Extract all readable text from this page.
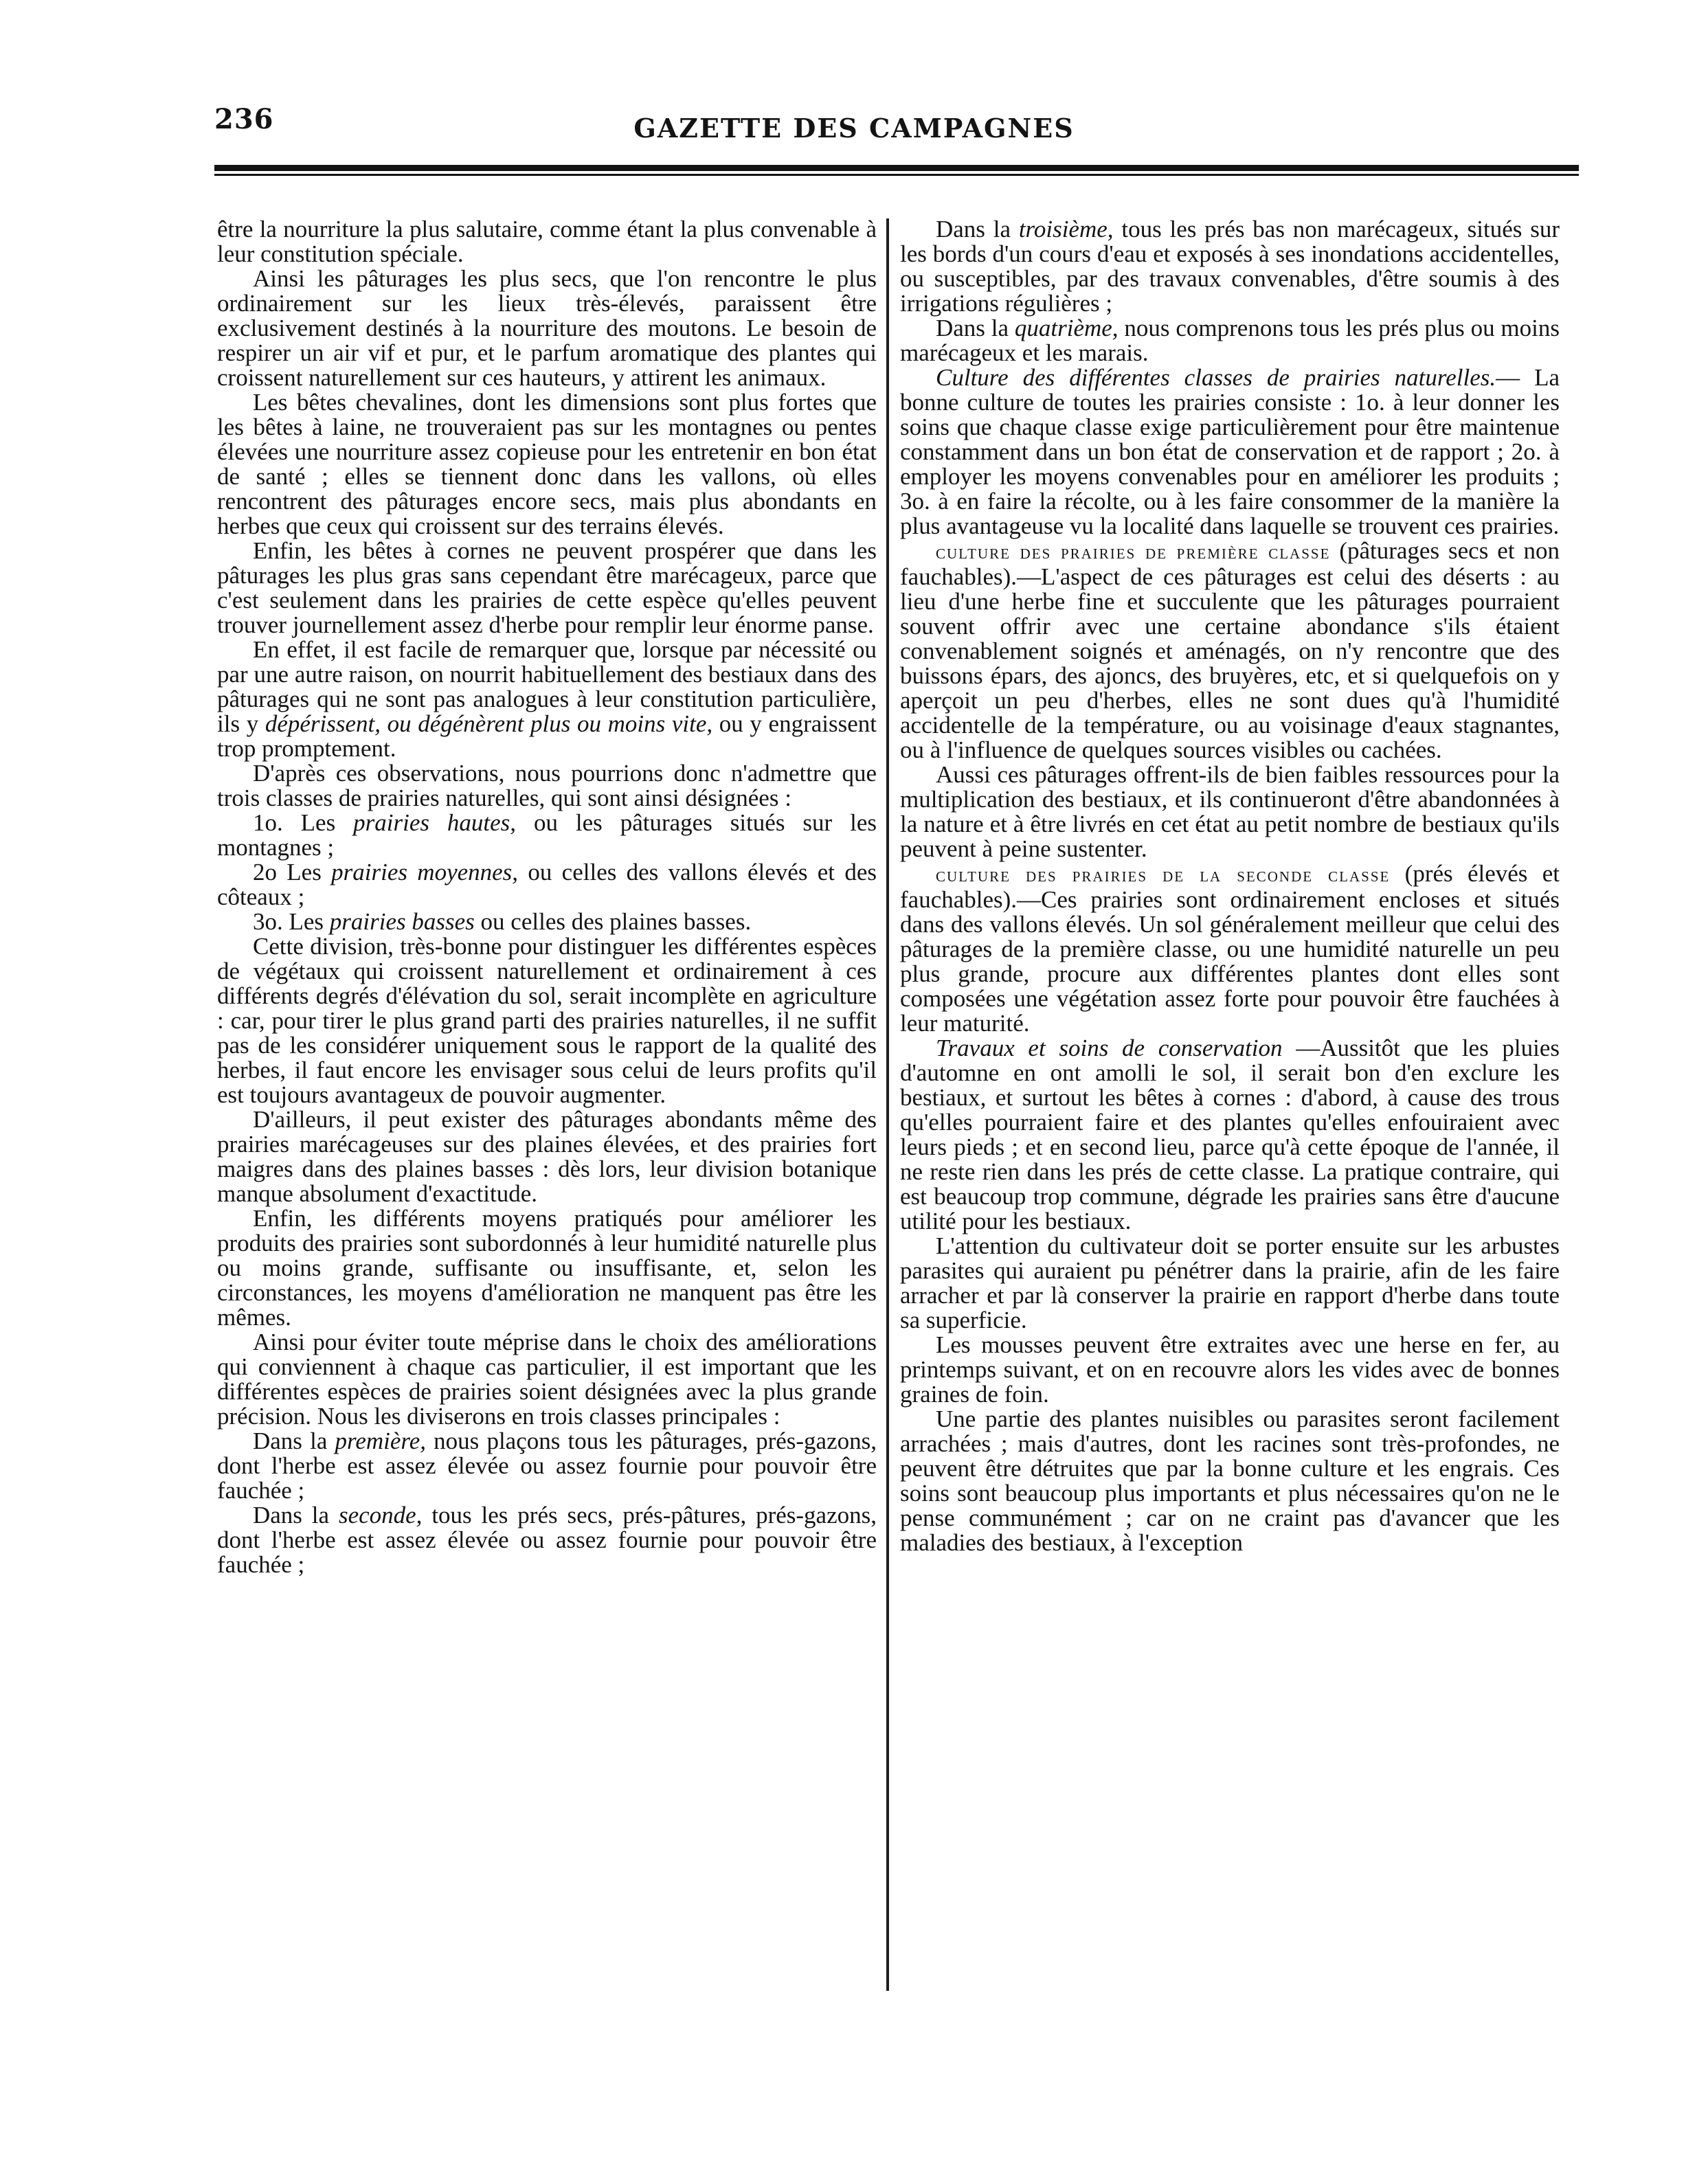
236	GAZETTE DES CAMPAGNES

être la nourriture la plus salutaire, comme étant la plus convenable à leur constitution spéciale.

Ainsi les pâturages les plus secs, que l'on rencontre le plus ordinairement sur les lieux très-élevés, paraissent être exclusivement destinés à la nourriture des moutons. Le besoin de respirer un air vif et pur, et le parfum aromatique des plantes qui croissent naturellement sur ces hauteurs, y attirent les animaux.

Les bêtes chevalines, dont les dimensions sont plus fortes que les bêtes à laine, ne trouveraient pas sur les montagnes ou pentes élevées une nourriture assez copieuse pour les entretenir en bon état de santé ; elles se tiennent donc dans les vallons, où elles rencontrent des pâturages encore secs, mais plus abondants en herbes que ceux qui croissent sur des terrains élevés.

Enfin, les bêtes à cornes ne peuvent prospérer que dans les pâturages les plus gras sans cependant être marécageux, parce que c'est seulement dans les prairies de cette espèce qu'elles peuvent trouver journellement assez d'herbe pour remplir leur énorme panse.

En effet, il est facile de remarquer que, lorsque par nécessité ou par une autre raison, on nourrit habituellement des bestiaux dans des pâturages qui ne sont pas analogues à leur constitution particulière, ils y dépérissent, ou dégénèrent plus ou moins vite, ou y engraissent trop promptement.

D'après ces observations, nous pourrions donc n'admettre que trois classes de prairies naturelles, qui sont ainsi désignées :

1o. Les prairies hautes, ou les pâturages situés sur les montagnes ;

2o Les prairies moyennes, ou celles des vallons élevés et des côteaux ;

3o. Les prairies basses ou celles des plaines basses.

Cette division, très-bonne pour distinguer les différentes espèces de végétaux qui croissent naturellement et ordinairement à ces différents degrés d'élévation du sol, serait incomplète en agriculture : car, pour tirer le plus grand parti des prairies naturelles, il ne suffit pas de les considérer uniquement sous le rapport de la qualité des herbes, il faut encore les envisager sous celui de leurs profits qu'il est toujours avantageux de pouvoir augmenter.

D'ailleurs, il peut exister des pâturages abondants même des prairies marécageuses sur des plaines élevées, et des prairies fort maigres dans des plaines basses : dès lors, leur division botanique manque absolument d'exactitude.

Enfin, les différents moyens pratiqués pour améliorer les produits des prairies sont subordonnés à leur humidité naturelle plus ou moins grande, suffisante ou insuffisante, et, selon les circonstances, les moyens d'amélioration ne manquent pas être les mêmes.

Ainsi pour éviter toute méprise dans le choix des améliorations qui conviennent à chaque cas particulier, il est important que les différentes espèces de prairies soient désignées avec la plus grande précision. Nous les diviserons en trois classes principales :

Dans la première, nous plaçons tous les pâturages, prés-gazons, dont l'herbe est assez élevée ou assez fournie pour pouvoir être fauchée ;

Dans la seconde, tous les prés secs, prés-pâtures, prés-gazons, dont l'herbe est assez élevée ou assez fournie pour pouvoir être fauchée ;

Dans la troisième, tous les prés bas non marécageux, situés sur les bords d'un cours d'eau et exposés à ses inondations accidentelles, ou susceptibles, par des travaux convenables, d'être soumis à des irrigations régulières ;

Dans la quatrième, nous comprenons tous les prés plus ou moins marécageux et les marais.

Culture des différentes classes de prairies naturelles.— La bonne culture de toutes les prairies consiste : 1o. à leur donner les soins que chaque classe exige particulièrement pour être maintenue constamment dans un bon état de conservation et de rapport ; 2o. à employer les moyens convenables pour en améliorer les produits ; 3o. à en faire la récolte, ou à les faire consommer de la manière la plus avantageuse vu la localité dans laquelle se trouvent ces prairies.

culture des prairies de première classe (pâturages secs et non fauchables).—L'aspect de ces pâturages est celui des déserts : au lieu d'une herbe fine et succulente que les pâturages pourraient souvent offrir avec une certaine abondance s'ils étaient convenablement soignés et aménagés, on n'y rencontre que des buissons épars, des ajoncs, des bruyères, etc, et si quelquefois on y aperçoit un peu d'herbes, elles ne sont dues qu'à l'humidité accidentelle de la température, ou au voisinage d'eaux stagnantes, ou à l'influence de quelques sources visibles ou cachées.

Aussi ces pâturages offrent-ils de bien faibles ressources pour la multiplication des bestiaux, et ils continueront d'être abandonnées à la nature et à être livrés en cet état au petit nombre de bestiaux qu'ils peuvent à peine sustenter.

culture des prairies de la seconde classe (prés élevés et fauchables).—Ces prairies sont ordinairement encloses et situés dans des vallons élevés. Un sol généralement meilleur que celui des pâturages de la première classe, ou une humidité naturelle un peu plus grande, procure aux différentes plantes dont elles sont composées une végétation assez forte pour pouvoir être fauchées à leur maturité.

Travaux et soins de conservation —Aussitôt que les pluies d'automne en ont amolli le sol, il serait bon d'en exclure les bestiaux, et surtout les bêtes à cornes : d'abord, à cause des trous qu'elles pourraient faire et des plantes qu'elles enfouiraient avec leurs pieds ; et en second lieu, parce qu'à cette époque de l'année, il ne reste rien dans les prés de cette classe. La pratique contraire, qui est beaucoup trop commune, dégrade les prairies sans être d'aucune utilité pour les bestiaux.

L'attention du cultivateur doit se porter ensuite sur les arbustes parasites qui auraient pu pénétrer dans la prairie, afin de les faire arracher et par là conserver la prairie en rapport d'herbe dans toute sa superficie.

Les mousses peuvent être extraites avec une herse en fer, au printemps suivant, et on en recouvre alors les vides avec de bonnes graines de foin.

Une partie des plantes nuisibles ou parasites seront facilement arrachées ; mais d'autres, dont les racines sont très-profondes, ne peuvent être détruites que par la bonne culture et les engrais. Ces soins sont beaucoup plus importants et plus nécessaires qu'on ne le pense communément ; car on ne craint pas d'avancer que les maladies des bestiaux, à l'exception
